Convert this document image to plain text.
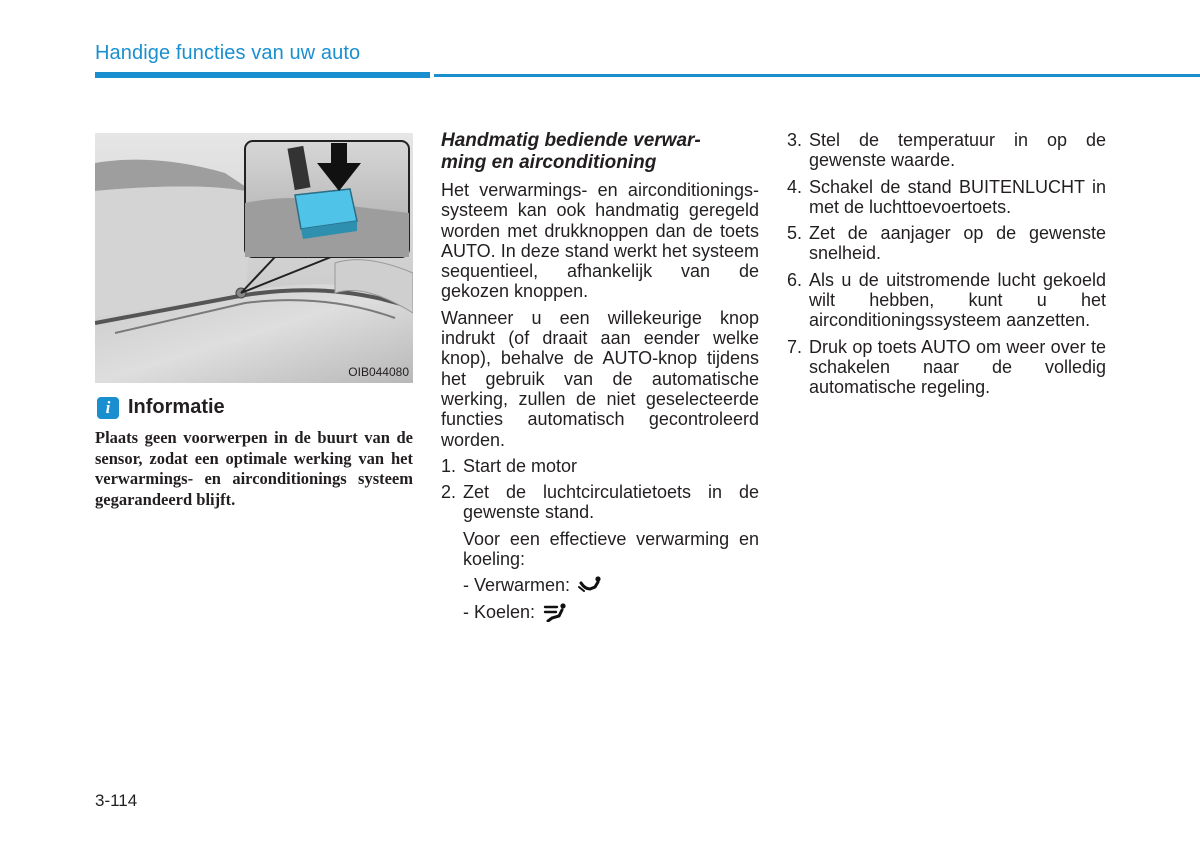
Handige functies van uw auto
OIB044080
i Informatie
Plaats geen voorwerpen in de buurt van de sensor, zodat een optimale werking van het verwarmings- en airconditionings systeem gegarandeerd blijft.
Handmatig bediende verwar-
ming en airconditioning
Het verwarmings- en airconditionings-systeem kan ook handmatig geregeld worden met drukknoppen dan de toets AUTO. In deze stand werkt het systeem sequentieel, afhankelijk van de gekozen knoppen.
Wanneer u een willekeurige knop indrukt (of draait aan eender welke knop), behalve de AUTO-knop tijdens het gebruik van de automatische werking, zullen de niet geselecteerde functies automatisch gecontroleerd worden.
1. Start de motor
2. Zet de luchtcirculatietoets in de gewenste stand.
Voor een effectieve verwarming en koeling:
- Verwarmen:
- Koelen:
3. Stel de temperatuur in op de gewenste waarde.
4. Schakel de stand BUITENLUCHT in met de luchttoevoertoets.
5. Zet de aanjager op de gewenste snelheid.
6. Als u de uitstromende lucht gekoeld wilt hebben, kunt u het airconditioningssysteem aanzetten.
7. Druk op toets AUTO om weer over te schakelen naar de volledig automatische regeling.
3-114
